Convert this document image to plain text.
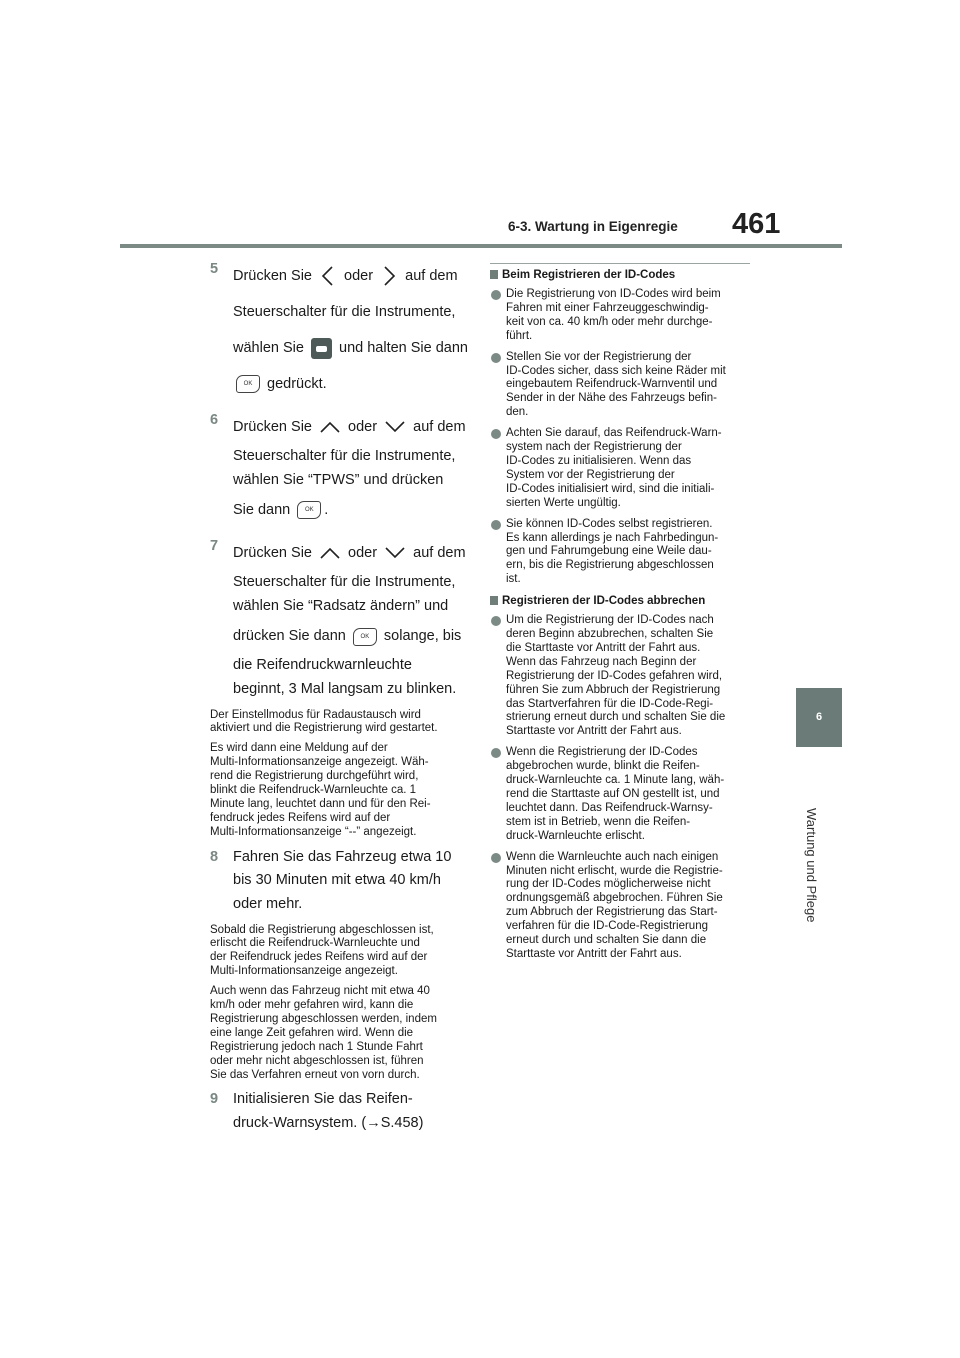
6-3. Wartung in Eigenregie 461
6
Wartung und Pflege
5 Drücken Sie oder auf dem
Steuerschalter für die Instrumente,
wählen Sie und halten Sie dann
OK gedrückt.
6 Drücken Sie oder auf dem
Steuerschalter für die Instrumente,
wählen Sie “TPWS” und drücken
Sie dann OK .
7 Drücken Sie oder auf dem
Steuerschalter für die Instrumente,
wählen Sie “Radsatz ändern” und
drücken Sie dann OK solange, bis
die Reifendruckwarnleuchte
beginnt, 3 Mal langsam zu blinken.
Der Einstellmodus für Radaustausch wird
aktiviert und die Registrierung wird gestartet.
Es wird dann eine Meldung auf der
Multi-Informationsanzeige angezeigt. Wäh-
rend die Registrierung durchgeführt wird,
blinkt die Reifendruck-Warnleuchte ca. 1
Minute lang, leuchtet dann und für den Rei-
fendruck jedes Reifens wird auf der
Multi-Informationsanzeige “--” angezeigt.
8 Fahren Sie das Fahrzeug etwa 10
bis 30 Minuten mit etwa 40 km/h
oder mehr.
Sobald die Registrierung abgeschlossen ist,
erlischt die Reifendruck-Warnleuchte und
der Reifendruck jedes Reifens wird auf der
Multi-Informationsanzeige angezeigt.
Auch wenn das Fahrzeug nicht mit etwa 40
km/h oder mehr gefahren wird, kann die
Registrierung abgeschlossen werden, indem
eine lange Zeit gefahren wird. Wenn die
Registrierung jedoch nach 1 Stunde Fahrt
oder mehr nicht abgeschlossen ist, führen
Sie das Verfahren erneut von vorn durch.
9 Initialisieren Sie das Reifen-
druck-Warnsystem. (→S.458)
Beim Registrieren der ID-Codes
Die Registrierung von ID-Codes wird beim
Fahren mit einer Fahrzeuggeschwindig-
keit von ca. 40 km/h oder mehr durchge-
führt.
Stellen Sie vor der Registrierung der
ID-Codes sicher, dass sich keine Räder mit
eingebautem Reifendruck-Warnventil und
Sender in der Nähe des Fahrzeugs befin-
den.
Achten Sie darauf, das Reifendruck-Warn-
system nach der Registrierung der
ID-Codes zu initialisieren. Wenn das
System vor der Registrierung der
ID-Codes initialisiert wird, sind die initiali-
sierten Werte ungültig.
Sie können ID-Codes selbst registrieren.
Es kann allerdings je nach Fahrbedingun-
gen und Fahrumgebung eine Weile dau-
ern, bis die Registrierung abgeschlossen
ist.
Registrieren der ID-Codes abbrechen
Um die Registrierung der ID-Codes nach
deren Beginn abzubrechen, schalten Sie
die Starttaste vor Antritt der Fahrt aus.
Wenn das Fahrzeug nach Beginn der
Registrierung der ID-Codes gefahren wird,
führen Sie zum Abbruch der Registrierung
das Startverfahren für die ID-Code-Regi-
strierung erneut durch und schalten Sie die
Starttaste vor Antritt der Fahrt aus.
Wenn die Registrierung der ID-Codes
abgebrochen wurde, blinkt die Reifen-
druck-Warnleuchte ca. 1 Minute lang, wäh-
rend die Starttaste auf ON gestellt ist, und
leuchtet dann. Das Reifendruck-Warnsy-
stem ist in Betrieb, wenn die Reifen-
druck-Warnleuchte erlischt.
Wenn die Warnleuchte auch nach einigen
Minuten nicht erlischt, wurde die Registrie-
rung der ID-Codes möglicherweise nicht
ordnungsgemäß abgebrochen. Führen Sie
zum Abbruch der Registrierung das Start-
verfahren für die ID-Code-Registrierung
erneut durch und schalten Sie dann die
Starttaste vor Antritt der Fahrt aus.
